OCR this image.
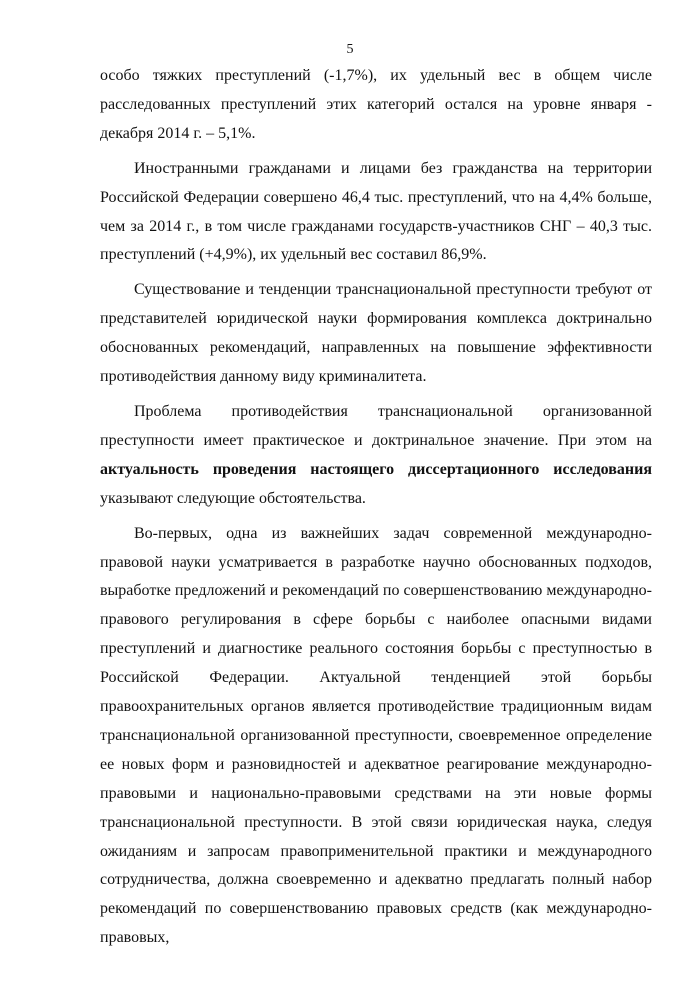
5

особо тяжких преступлений (-1,7%), их удельный вес в общем числе расследованных преступлений этих категорий остался на уровне января - декабря 2014 г. – 5,1%.

Иностранными гражданами и лицами без гражданства на территории Российской Федерации совершено 46,4 тыс. преступлений, что на 4,4% больше, чем за 2014 г., в том числе гражданами государств-участников СНГ – 40,3 тыс. преступлений (+4,9%), их удельный вес составил 86,9%.

Существование и тенденции транснациональной преступности требуют от представителей юридической науки формирования комплекса доктринально обоснованных рекомендаций, направленных на повышение эффективности противодействия данному виду криминалитета.

Проблема противодействия транснациональной организованной преступности имеет практическое и доктринальное значение. При этом на актуальность проведения настоящего диссертационного исследования указывают следующие обстоятельства.

Во-первых, одна из важнейших задач современной международно-правовой науки усматривается в разработке научно обоснованных подходов, выработке предложений и рекомендаций по совершенствованию международно-правового регулирования в сфере борьбы с наиболее опасными видами преступлений и диагностике реального состояния борьбы с преступностью в Российской Федерации. Актуальной тенденцией этой борьбы правоохранительных органов является противодействие традиционным видам транснациональной организованной преступности, своевременное определение ее новых форм и разновидностей и адекватное реагирование международно-правовыми и национально-правовыми средствами на эти новые формы транснациональной преступности. В этой связи юридическая наука, следуя ожиданиям и запросам правоприменительной практики и международного сотрудничества, должна своевременно и адекватно предлагать полный набор рекомендаций по совершенствованию правовых средств (как международно-правовых,
